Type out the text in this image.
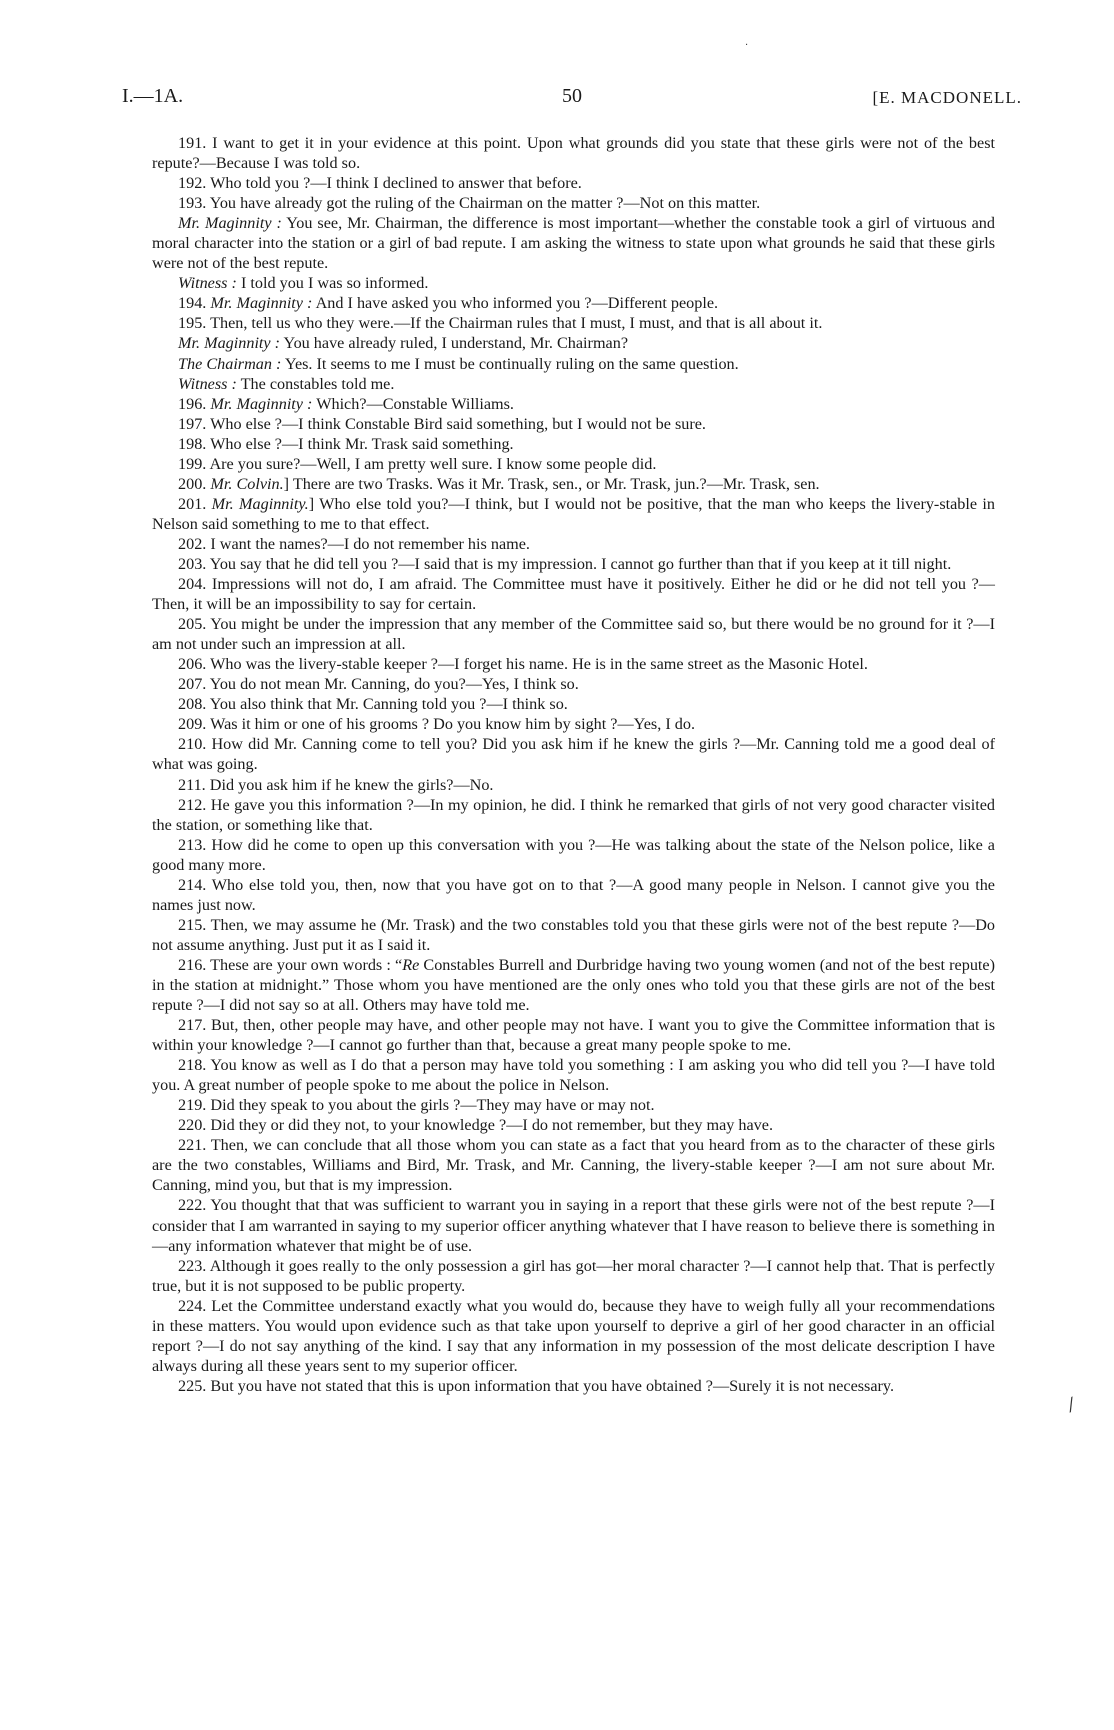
I.—1A.	50	[E. MACDONELL.

191. I want to get it in your evidence at this point. Upon what grounds did you state that these girls were not of the best repute?—Because I was told so.

192. Who told you ?—I think I declined to answer that before.

193. You have already got the ruling of the Chairman on the matter ?—Not on this matter.

Mr. Maginnity : You see, Mr. Chairman, the difference is most important—whether the constable took a girl of virtuous and moral character into the station or a girl of bad repute. I am asking the witness to state upon what grounds he said that these girls were not of the best repute.

Witness : I told you I was so informed.

194. Mr. Maginnity : And I have asked you who informed you ?—Different people.

195. Then, tell us who they were.—If the Chairman rules that I must, I must, and that is all about it.

Mr. Maginnity : You have already ruled, I understand, Mr. Chairman?

The Chairman : Yes. It seems to me I must be continually ruling on the same question.

Witness : The constables told me.

196. Mr. Maginnity : Which?—Constable Williams.

197. Who else ?—I think Constable Bird said something, but I would not be sure.

198. Who else ?—I think Mr. Trask said something.

199. Are you sure?—Well, I am pretty well sure. I know some people did.

200. Mr. Colvin.] There are two Trasks. Was it Mr. Trask, sen., or Mr. Trask, jun.?—Mr. Trask, sen.

201. Mr. Maginnity.] Who else told you?—I think, but I would not be positive, that the man who keeps the livery-stable in Nelson said something to me to that effect.

202. I want the names?—I do not remember his name.

203. You say that he did tell you ?—I said that is my impression. I cannot go further than that if you keep at it till night.

204. Impressions will not do, I am afraid. The Committee must have it positively. Either he did or he did not tell you ?—Then, it will be an impossibility to say for certain.

205. You might be under the impression that any member of the Committee said so, but there would be no ground for it ?—I am not under such an impression at all.

206. Who was the livery-stable keeper ?—I forget his name. He is in the same street as the Masonic Hotel.

207. You do not mean Mr. Canning, do you?—Yes, I think so.

208. You also think that Mr. Canning told you ?—I think so.

209. Was it him or one of his grooms ? Do you know him by sight ?—Yes, I do.

210. How did Mr. Canning come to tell you? Did you ask him if he knew the girls ?—Mr. Canning told me a good deal of what was going.

211. Did you ask him if he knew the girls?—No.

212. He gave you this information ?—In my opinion, he did. I think he remarked that girls of not very good character visited the station, or something like that.

213. How did he come to open up this conversation with you ?—He was talking about the state of the Nelson police, like a good many more.

214. Who else told you, then, now that you have got on to that ?—A good many people in Nelson. I cannot give you the names just now.

215. Then, we may assume he (Mr. Trask) and the two constables told you that these girls were not of the best repute ?—Do not assume anything. Just put it as I said it.

216. These are your own words : “Re Constables Burrell and Durbridge having two young women (and not of the best repute) in the station at midnight.” Those whom you have mentioned are the only ones who told you that these girls are not of the best repute ?—I did not say so at all. Others may have told me.

217. But, then, other people may have, and other people may not have. I want you to give the Committee information that is within your knowledge ?—I cannot go further than that, because a great many people spoke to me.

218. You know as well as I do that a person may have told you something : I am asking you who did tell you ?—I have told you. A great number of people spoke to me about the police in Nelson.

219. Did they speak to you about the girls ?—They may have or may not.

220. Did they or did they not, to your knowledge ?—I do not remember, but they may have.

221. Then, we can conclude that all those whom you can state as a fact that you heard from as to the character of these girls are the two constables, Williams and Bird, Mr. Trask, and Mr. Canning, the livery-stable keeper ?—I am not sure about Mr. Canning, mind you, but that is my impression.

222. You thought that that was sufficient to warrant you in saying in a report that these girls were not of the best repute ?—I consider that I am warranted in saying to my superior officer anything whatever that I have reason to believe there is something in—any information whatever that might be of use.

223. Although it goes really to the only possession a girl has got—her moral character ?—I cannot help that. That is perfectly true, but it is not supposed to be public property.

224. Let the Committee understand exactly what you would do, because they have to weigh fully all your recommendations in these matters. You would upon evidence such as that take upon yourself to deprive a girl of her good character in an official report ?—I do not say anything of the kind. I say that any information in my possession of the most delicate description I have always during all these years sent to my superior officer.

225. But you have not stated that this is upon information that you have obtained ?—Surely it is not necessary.

·
⁄
